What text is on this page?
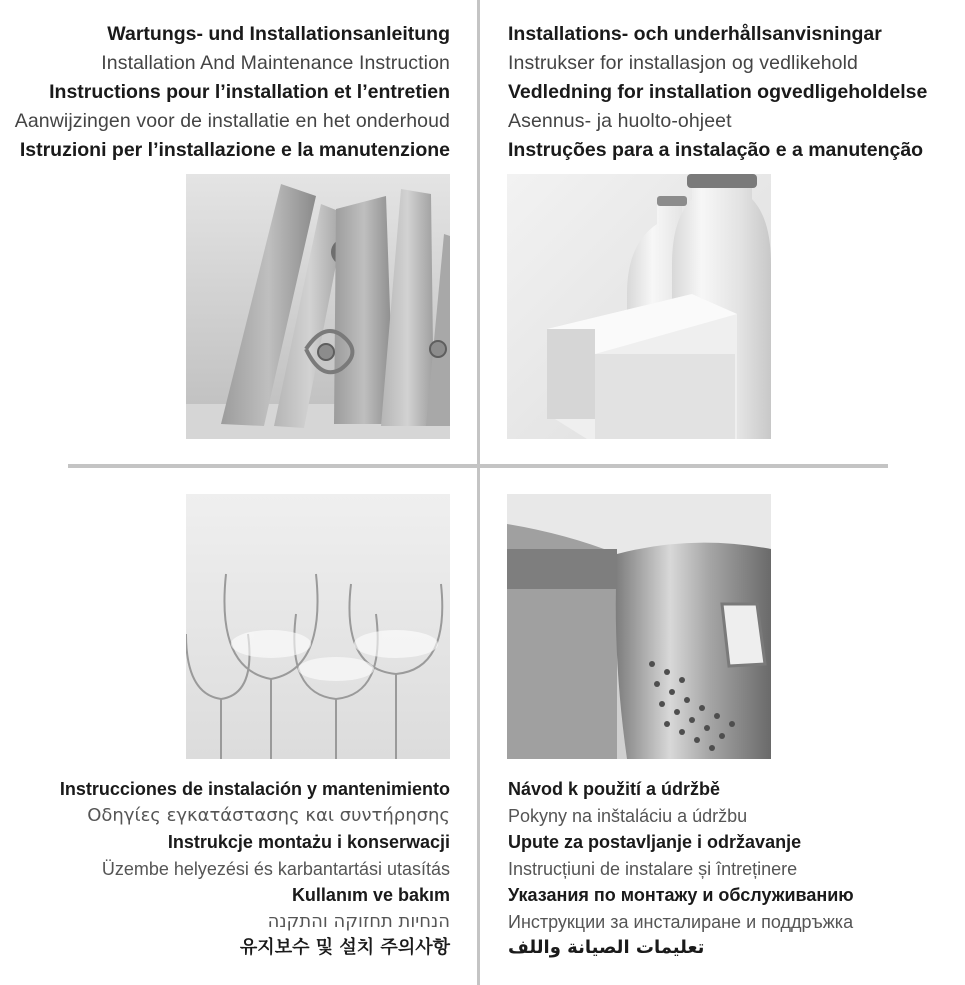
Wartungs- und Installationsanleitung
Installation And Maintenance Instruction
Instructions pour l’installation et l’entretien
Aanwijzingen voor de installatie en het onderhoud
Istruzioni per l’installazione e la manutenzione
Installations- och underhållsanvisningar
Instrukser for installasjon og vedlikehold
Vedledning for installation ogvedligeholdelse
Asennus- ja huolto-ohjeet
Instruções para a instalação e a manutenção
Instrucciones de instalación y mantenimiento
Οδηγίες εγκατάστασης και συντήρησης
Instrukcje montażu i konserwacji
Üzembe helyezési és karbantartási utasítás
Kullanım ve bakım
הנחיות תחזוקה והתקנה
유지보수 및 설치 주의사항
Návod k použití a údržbě
Pokyny na inštaláciu a údržbu
Upute za postavljanje i održavanje
Instrucțiuni de instalare și întreținere
Указания по монтажу и обслуживанию
Инструкции за инсталиране и поддръжка
تعليمات الصيانة واللف
